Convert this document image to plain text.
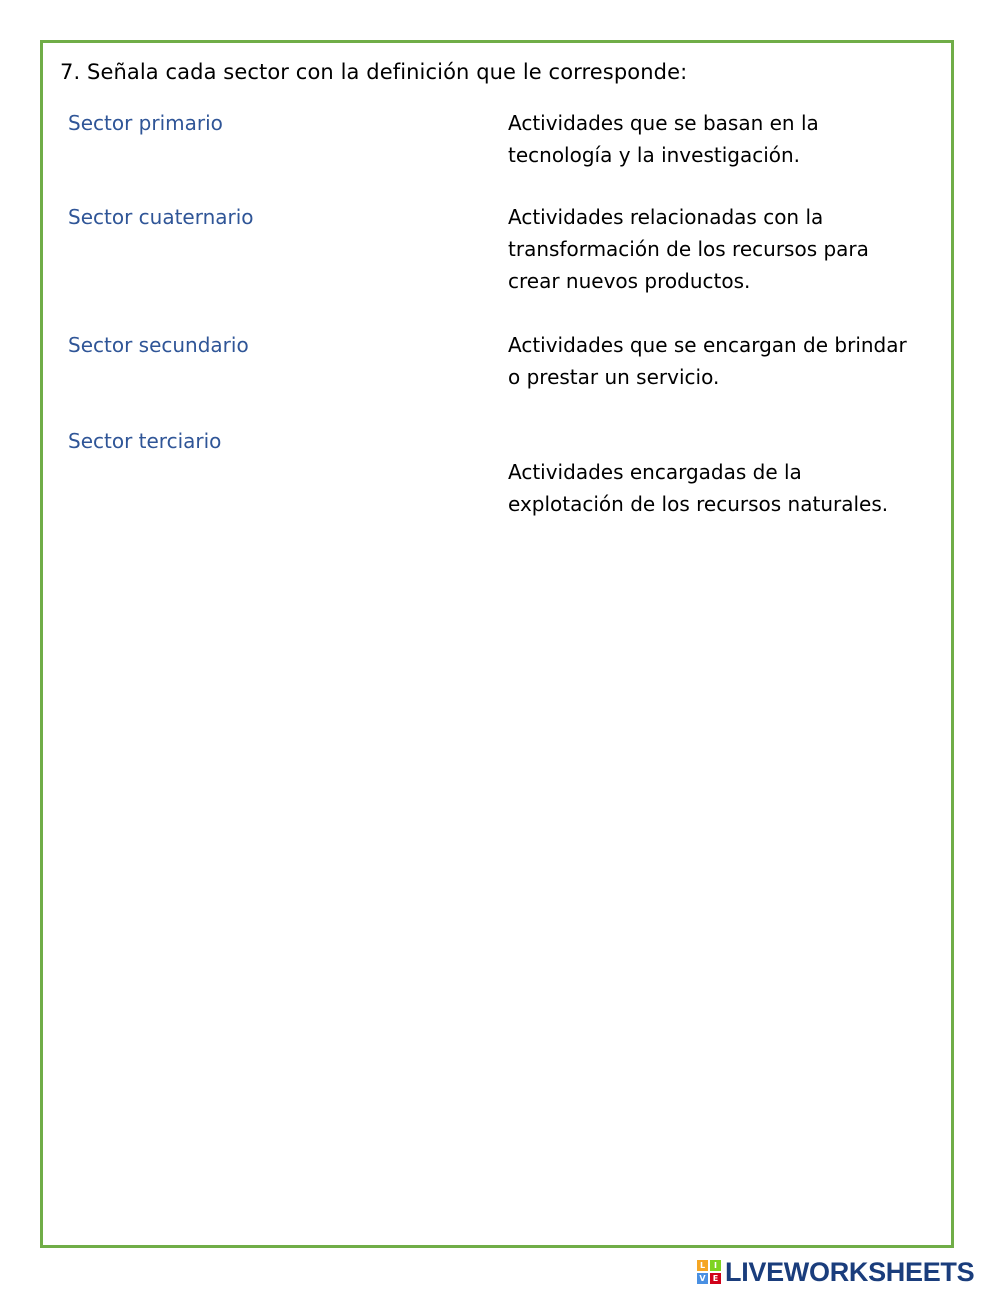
7. Señala cada sector con la definición que le corresponde:
Sector primario
Sector cuaternario
Sector secundario
Sector terciario
Actividades que se basan en la
tecnología y la investigación.
Actividades relacionadas con la
transformación de los recursos para
crear nuevos productos.
Actividades que se encargan de brindar
o prestar un servicio.
Actividades encargadas de la
explotación de los recursos naturales.
L	I
V E LIVEWORKSHEETS
